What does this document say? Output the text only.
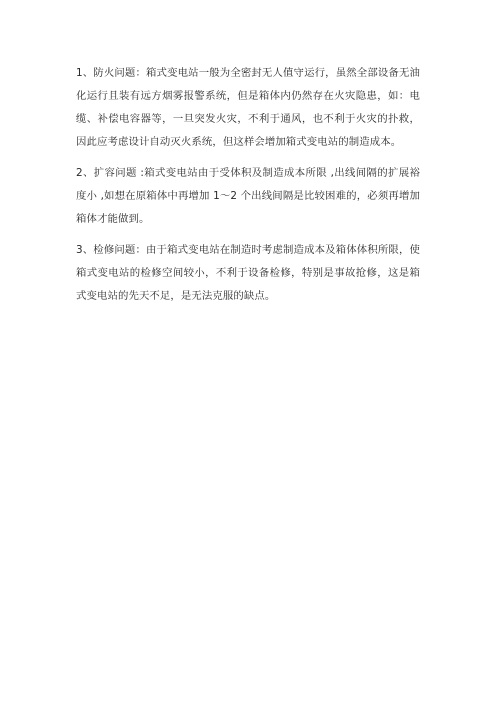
1、防火问题：箱式变电站一般为全密封无人值守运行，虽然全部设备无油化运行且装有远方烟雾报警系统，但是箱体内仍然存在火灾隐患，如：电缆、补偿电容器等，一旦突发火灾，不利于通风，也不利于火灾的扑救，因此应考虑设计自动灭火系统，但这样会增加箱式变电站的制造成本。

2、扩容问题 :箱式变电站由于受体积及制造成本所限 ,出线间隔的扩展裕度小 ,如想在原箱体中再增加 1～2 个出线间隔是比较困难的，必须再增加箱体才能做到。

3、检修问题：由于箱式变电站在制造时考虑制造成本及箱体体积所限，使箱式变电站的检修空间较小，不利于设备检修，特别是事故抢修，这是箱式变电站的先天不足，是无法克服的缺点。
